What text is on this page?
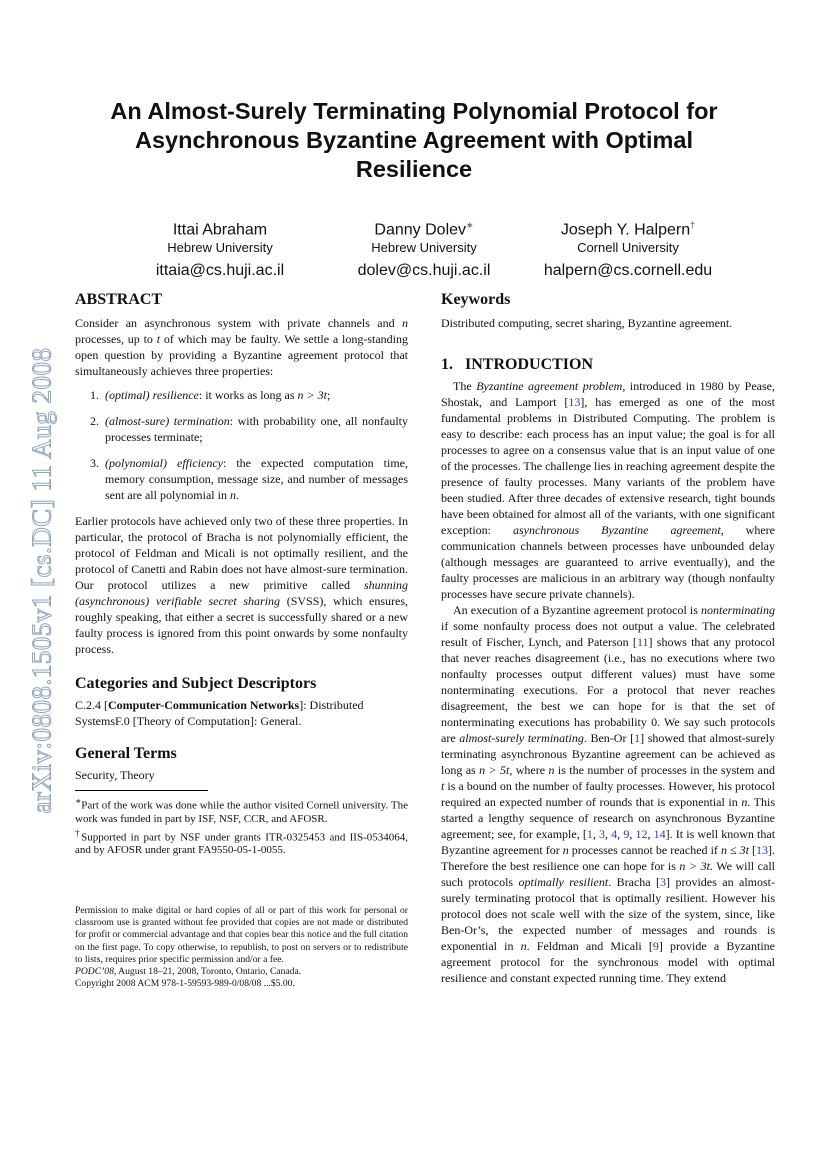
arXiv:0808.1505v1 [cs.DC] 11 Aug 2008
An Almost-Surely Terminating Polynomial Protocol for Asynchronous Byzantine Agreement with Optimal Resilience
Ittai Abraham
Hebrew University
ittaia@cs.huji.ac.il
Danny Dolev∗
Hebrew University
dolev@cs.huji.ac.il
Joseph Y. Halpern†
Cornell University
halpern@cs.cornell.edu
ABSTRACT

Consider an asynchronous system with private channels and n processes, up to t of which may be faulty. We settle a long-standing open question by providing a Byzantine agreement protocol that simultaneously achieves three properties:

1. (optimal) resilience: it works as long as n > 3t;
2. (almost-sure) termination: with probability one, all nonfaulty processes terminate;
3. (polynomial) efficiency: the expected computation time, memory consumption, message size, and number of messages sent are all polynomial in n.

Earlier protocols have achieved only two of these three properties. In particular, the protocol of Bracha is not polynomially efficient, the protocol of Feldman and Micali is not optimally resilient, and the protocol of Canetti and Rabin does not have almost-sure termination. Our protocol utilizes a new primitive called shunning (asynchronous) verifiable secret sharing (SVSS), which ensures, roughly speaking, that either a secret is successfully shared or a new faulty process is ignored from this point onwards by some nonfaulty process.

Categories and Subject Descriptors

C.2.4 [Computer-Communication Networks]: Distributed SystemsF.0 [Theory of Computation]: General.

General Terms

Security, Theory

∗Part of the work was done while the author visited Cornell university. The work was funded in part by ISF, NSF, CCR, and AFOSR.

†Supported in part by NSF under grants ITR-0325453 and IIS-0534064, and by AFOSR under grant FA9550-05-1-0055.

Permission to make digital or hard copies of all or part of this work for personal or classroom use is granted without fee provided that copies are not made or distributed for profit or commercial advantage and that copies bear this notice and the full citation on the first page. To copy otherwise, to republish, to post on servers or to redistribute to lists, requires prior specific permission and/or a fee.

PODC’08, August 18–21, 2008, Toronto, Ontario, Canada.

Copyright 2008 ACM 978-1-59593-989-0/08/08 ...$5.00.

Keywords

Distributed computing, secret sharing, Byzantine agreement.

1.   INTRODUCTION

The Byzantine agreement problem, introduced in 1980 by Pease, Shostak, and Lamport [13], has emerged as one of the most fundamental problems in Distributed Computing. The problem is easy to describe: each process has an input value; the goal is for all processes to agree on a consensus value that is an input value of one of the processes. The challenge lies in reaching agreement despite the presence of faulty processes. Many variants of the problem have been studied. After three decades of extensive research, tight bounds have been obtained for almost all of the variants, with one significant exception: asynchronous Byzantine agreement, where communication channels between processes have unbounded delay (although messages are guaranteed to arrive eventually), and the faulty processes are malicious in an arbitrary way (though nonfaulty processes have secure private channels).

An execution of a Byzantine agreement protocol is nonterminating if some nonfaulty process does not output a value. The celebrated result of Fischer, Lynch, and Paterson [11] shows that any protocol that never reaches disagreement (i.e., has no executions where two nonfaulty processes output different values) must have some nonterminating executions. For a protocol that never reaches disagreement, the best we can hope for is that the set of nonterminating executions has probability 0. We say such protocols are almost-surely terminating. Ben-Or [1] showed that almost-surely terminating asynchronous Byzantine agreement can be achieved as long as n > 5t, where n is the number of processes in the system and t is a bound on the number of faulty processes. However, his protocol required an expected number of rounds that is exponential in n. This started a lengthy sequence of research on asynchronous Byzantine agreement; see, for example, [1, 3, 4, 9, 12, 14]. It is well known that Byzantine agreement for n processes cannot be reached if n ≤ 3t [13]. Therefore the best resilience one can hope for is n > 3t. We will call such protocols optimally resilient. Bracha [3] provides an almost-surely terminating protocol that is optimally resilient. However his protocol does not scale well with the size of the system, since, like Ben-Or’s, the expected number of messages and rounds is exponential in n. Feldman and Micali [9] provide a Byzantine agreement protocol for the synchronous model with optimal resilience and constant expected running time. They extend
